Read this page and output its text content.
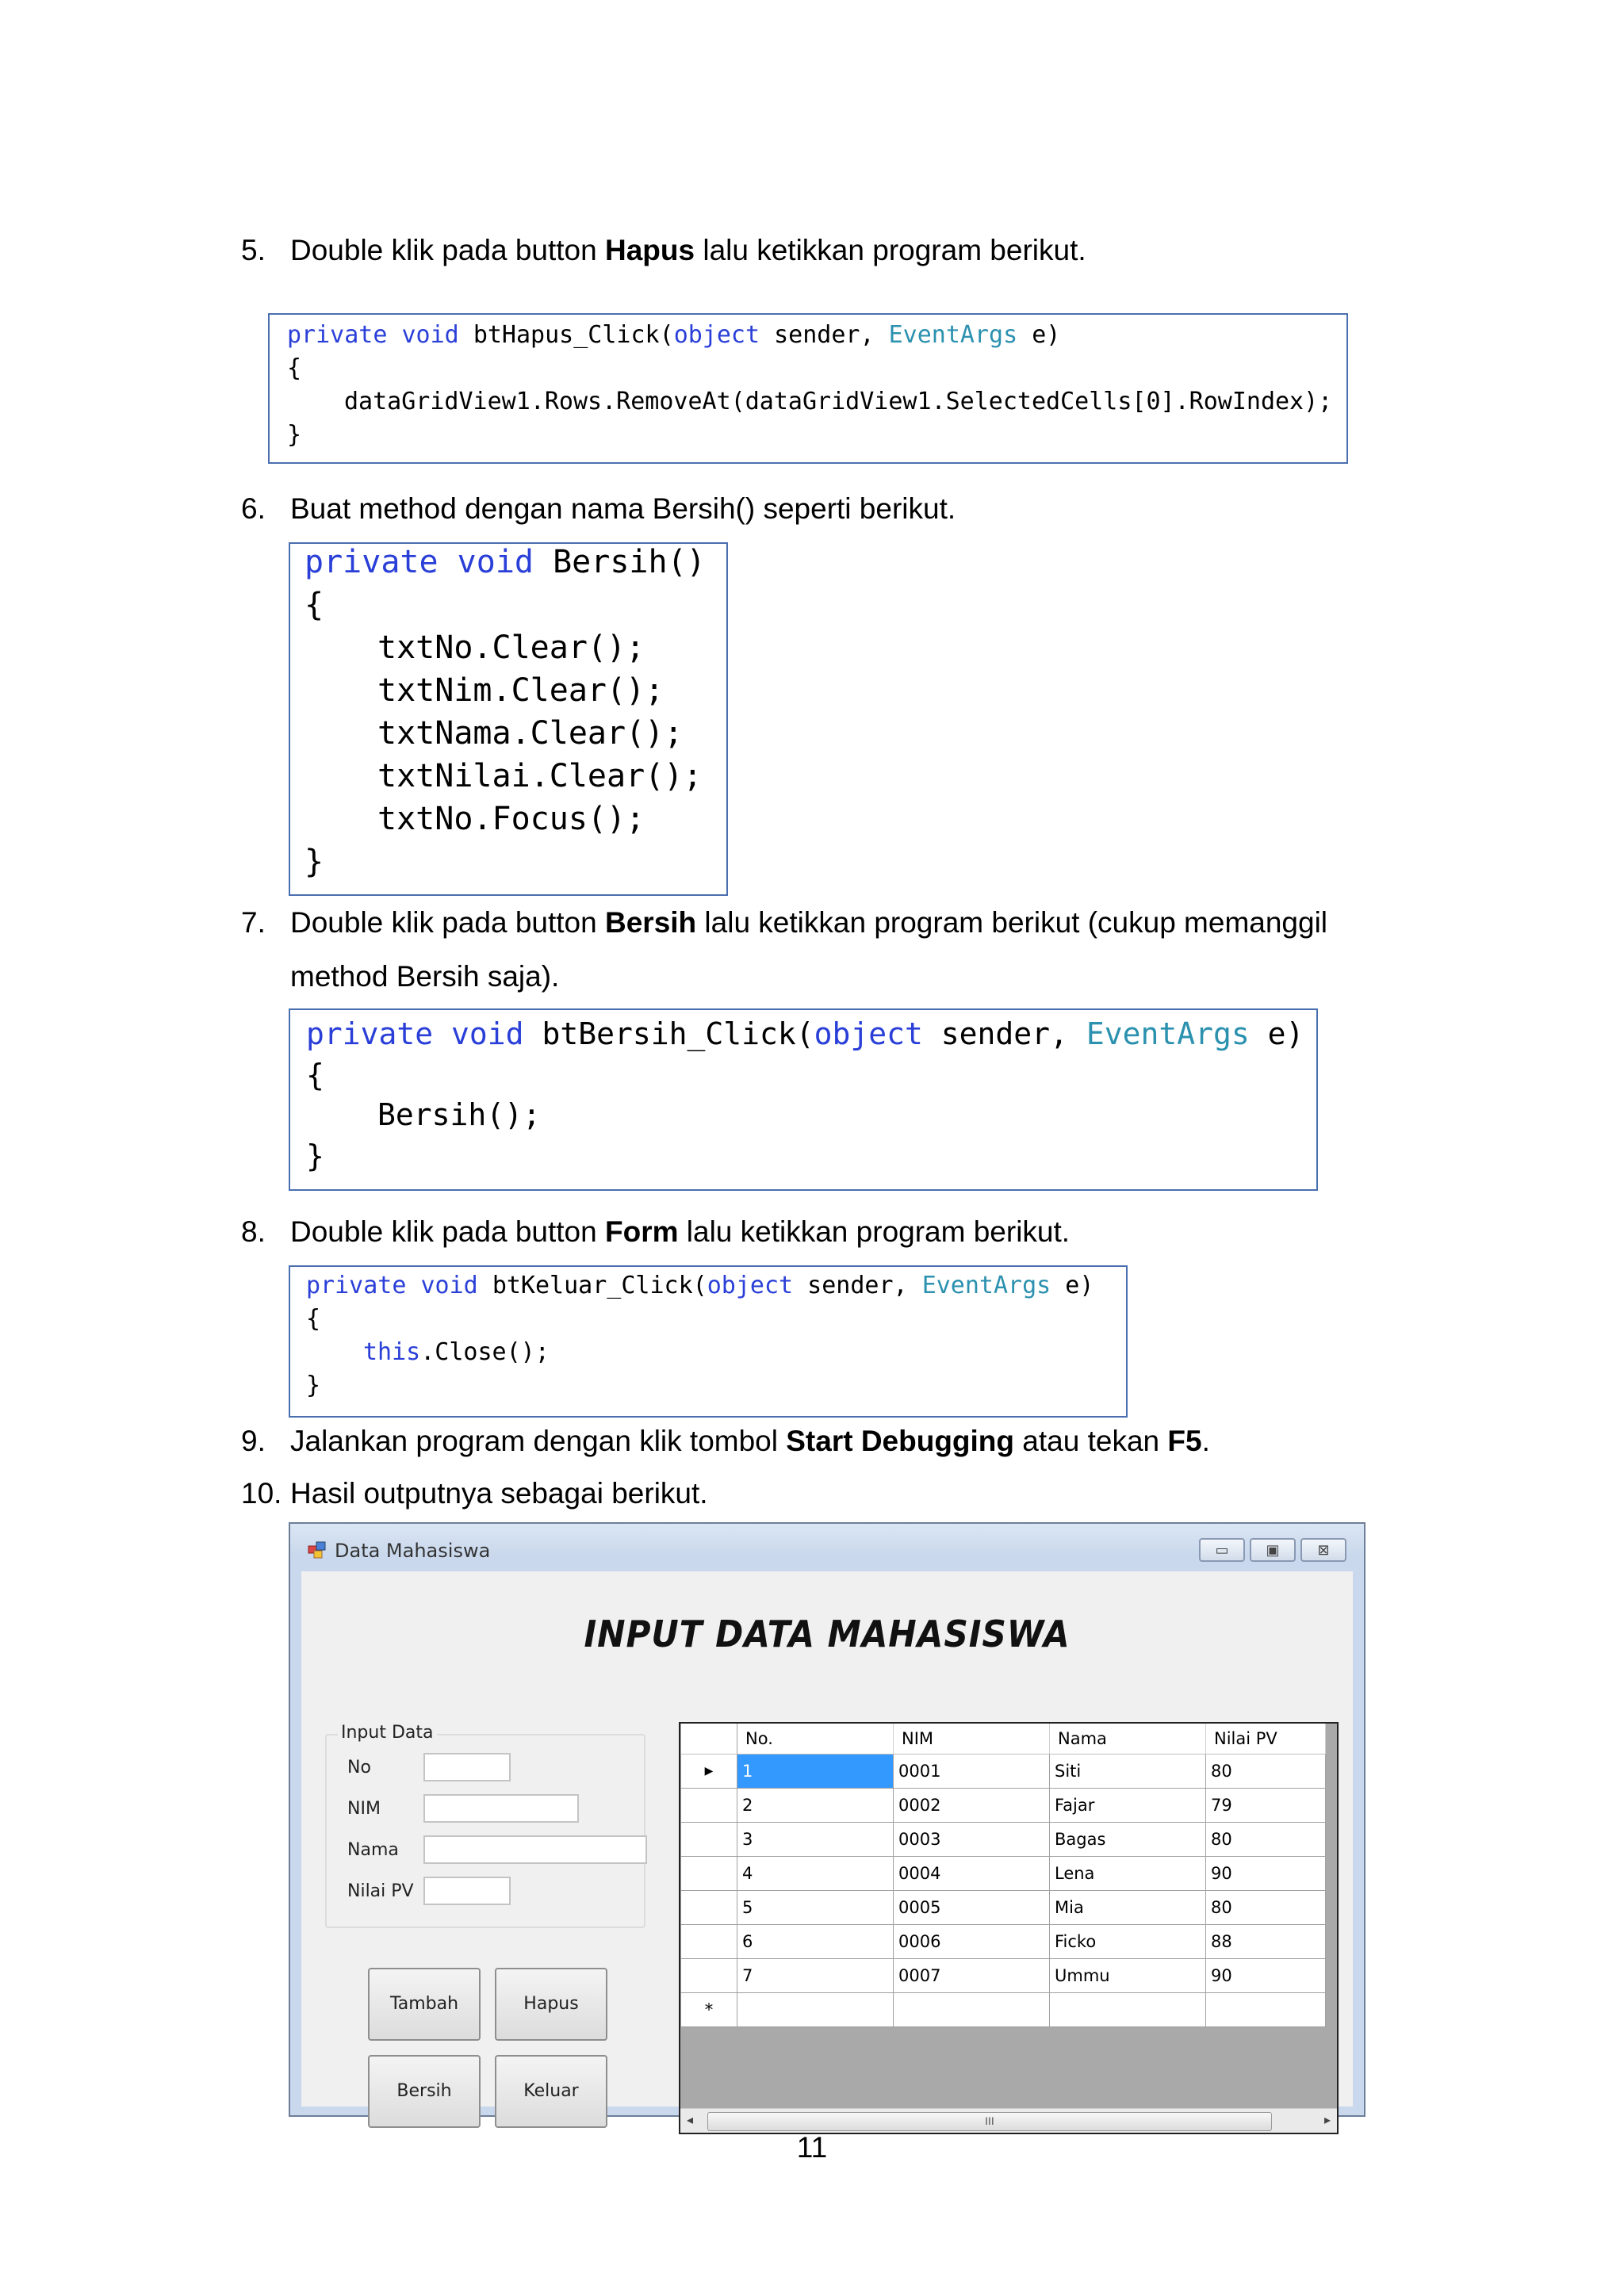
5. Double klik pada button Hapus lalu ketikkan program berikut.
private void btHapus_Click(object sender, EventArgs e)
{
dataGridView1.Rows.RemoveAt(dataGridView1.SelectedCells[0].RowIndex);
}
6. Buat method dengan nama Bersih() seperti berikut.
private void Bersih()
{
txtNo.Clear();
txtNim.Clear();
txtNama.Clear();
txtNilai.Clear();
txtNo.Focus();
}
7. Double klik pada button Bersih lalu ketikkan program berikut (cukup memanggil
method Bersih saja).
private void btBersih_Click(object sender, EventArgs e)
{
Bersih();
}
8. Double klik pada button Form lalu ketikkan program berikut.
private void btKeluar_Click(object sender, EventArgs e)
{
this.Close();
}
9. Jalankan program dengan klik tombol Start Debugging atau tekan F5.
10. Hasil outputnya sebagai berikut.
Data Mahasiswa	▭	▣	⊠
INPUT DATA MAHASISWA
Input Data
No
NIM
Nama
Nilai PV
Tambah	Hapus
Bersih	Keluar
	No.	NIM	Nama	Nilai PV
▶	1	0001	Siti	80
	2	0002	Fajar	79
	3	0003	Bagas	80
	4	0004	Lena	90
	5	0005	Mia	80
	6	0006	Ficko	88
	7	0007	Ummu	90
*				
◂	III	▸
11
